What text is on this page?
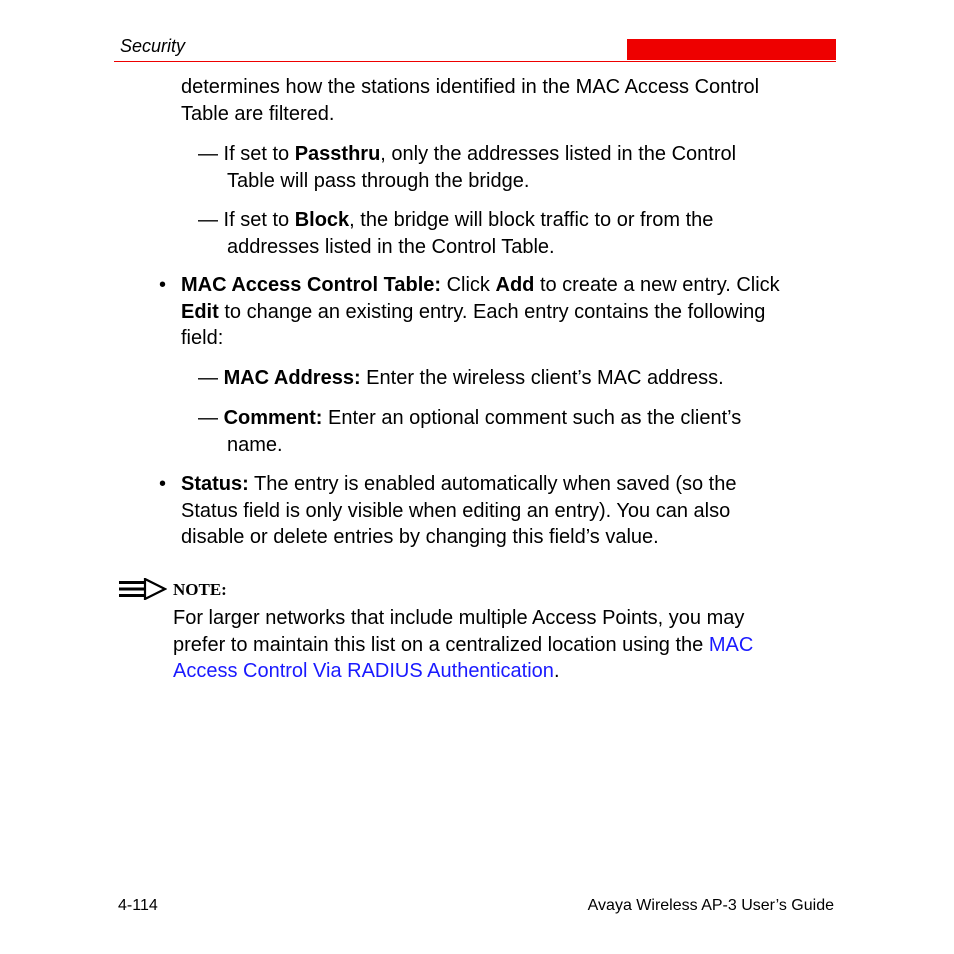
Security
determines how the stations identified in the MAC Access Control
Table are filtered.
— If set to Passthru, only the addresses listed in the Control
Table will pass through the bridge.
— If set to Block, the bridge will block traffic to or from the
addresses listed in the Control Table.
• MAC Access Control Table: Click Add to create a new entry. Click
Edit to change an existing entry. Each entry contains the following
field:
— MAC Address: Enter the wireless client’s MAC address.
— Comment: Enter an optional comment such as the client’s
name.
• Status: The entry is enabled automatically when saved (so the
Status field is only visible when editing an entry). You can also
disable or delete entries by changing this field’s value.
NOTE:
For larger networks that include multiple Access Points, you may
prefer to maintain this list on a centralized location using the MAC
Access Control Via RADIUS Authentication.
4-114	Avaya Wireless AP-3 User’s Guide
